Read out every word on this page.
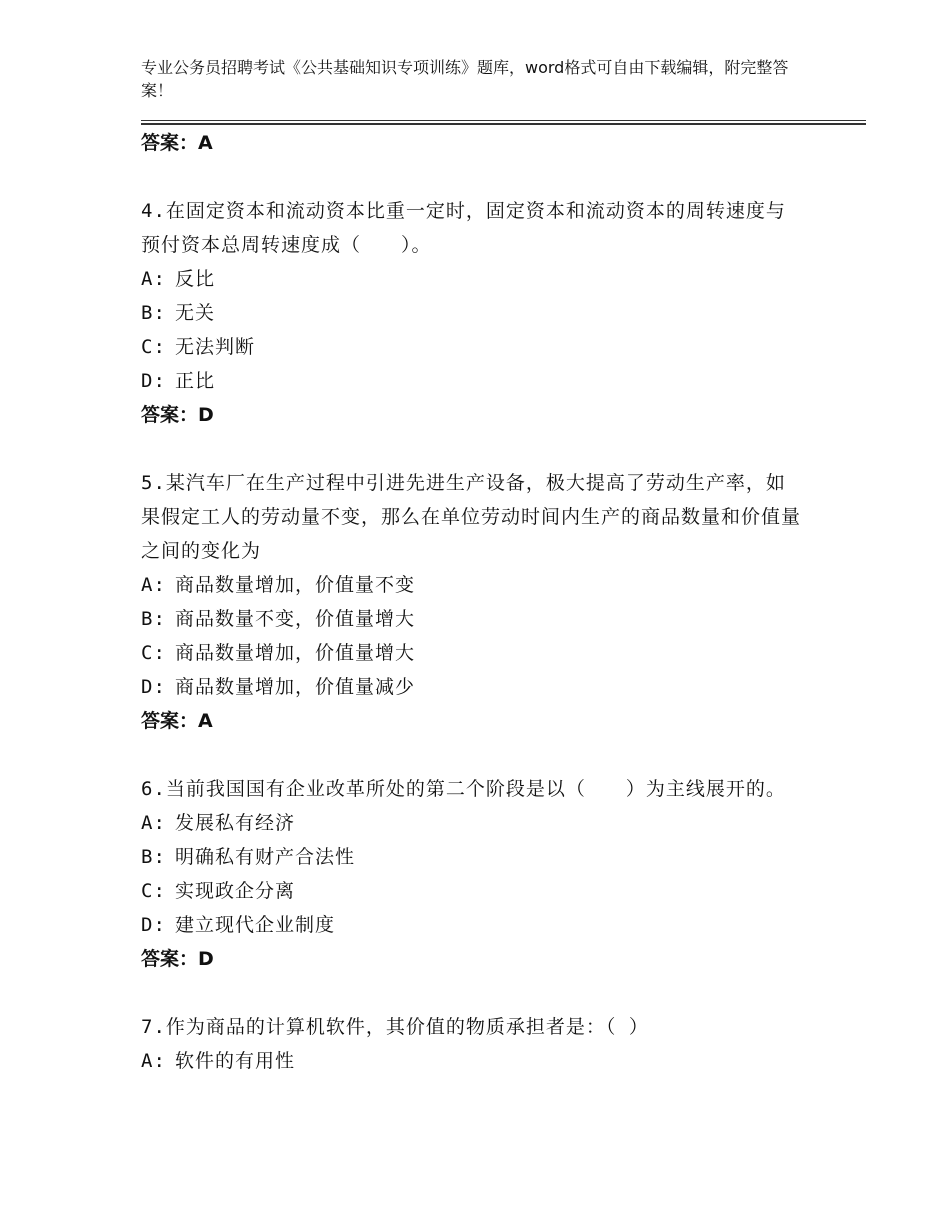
专业公务员招聘考试《公共基础知识专项训练》题库，word格式可自由下载编辑，附完整答案！
答案：A
4.在固定资本和流动资本比重一定时，固定资本和流动资本的周转速度与预付资本总周转速度成（　　）。
A: 反比
B: 无关
C: 无法判断
D: 正比
答案：D
5.某汽车厂在生产过程中引进先进生产设备，极大提高了劳动生产率，如果假定工人的劳动量不变，那么在单位劳动时间内生产的商品数量和价值量之间的变化为
A: 商品数量增加，价值量不变
B: 商品数量不变，价值量增大
C: 商品数量增加，价值量增大
D: 商品数量增加，价值量减少
答案：A
6.当前我国国有企业改革所处的第二个阶段是以（　　）为主线展开的。
A: 发展私有经济
B: 明确私有财产合法性
C: 实现政企分离
D: 建立现代企业制度
答案：D
7.作为商品的计算机软件，其价值的物质承担者是：（ ）
A: 软件的有用性
